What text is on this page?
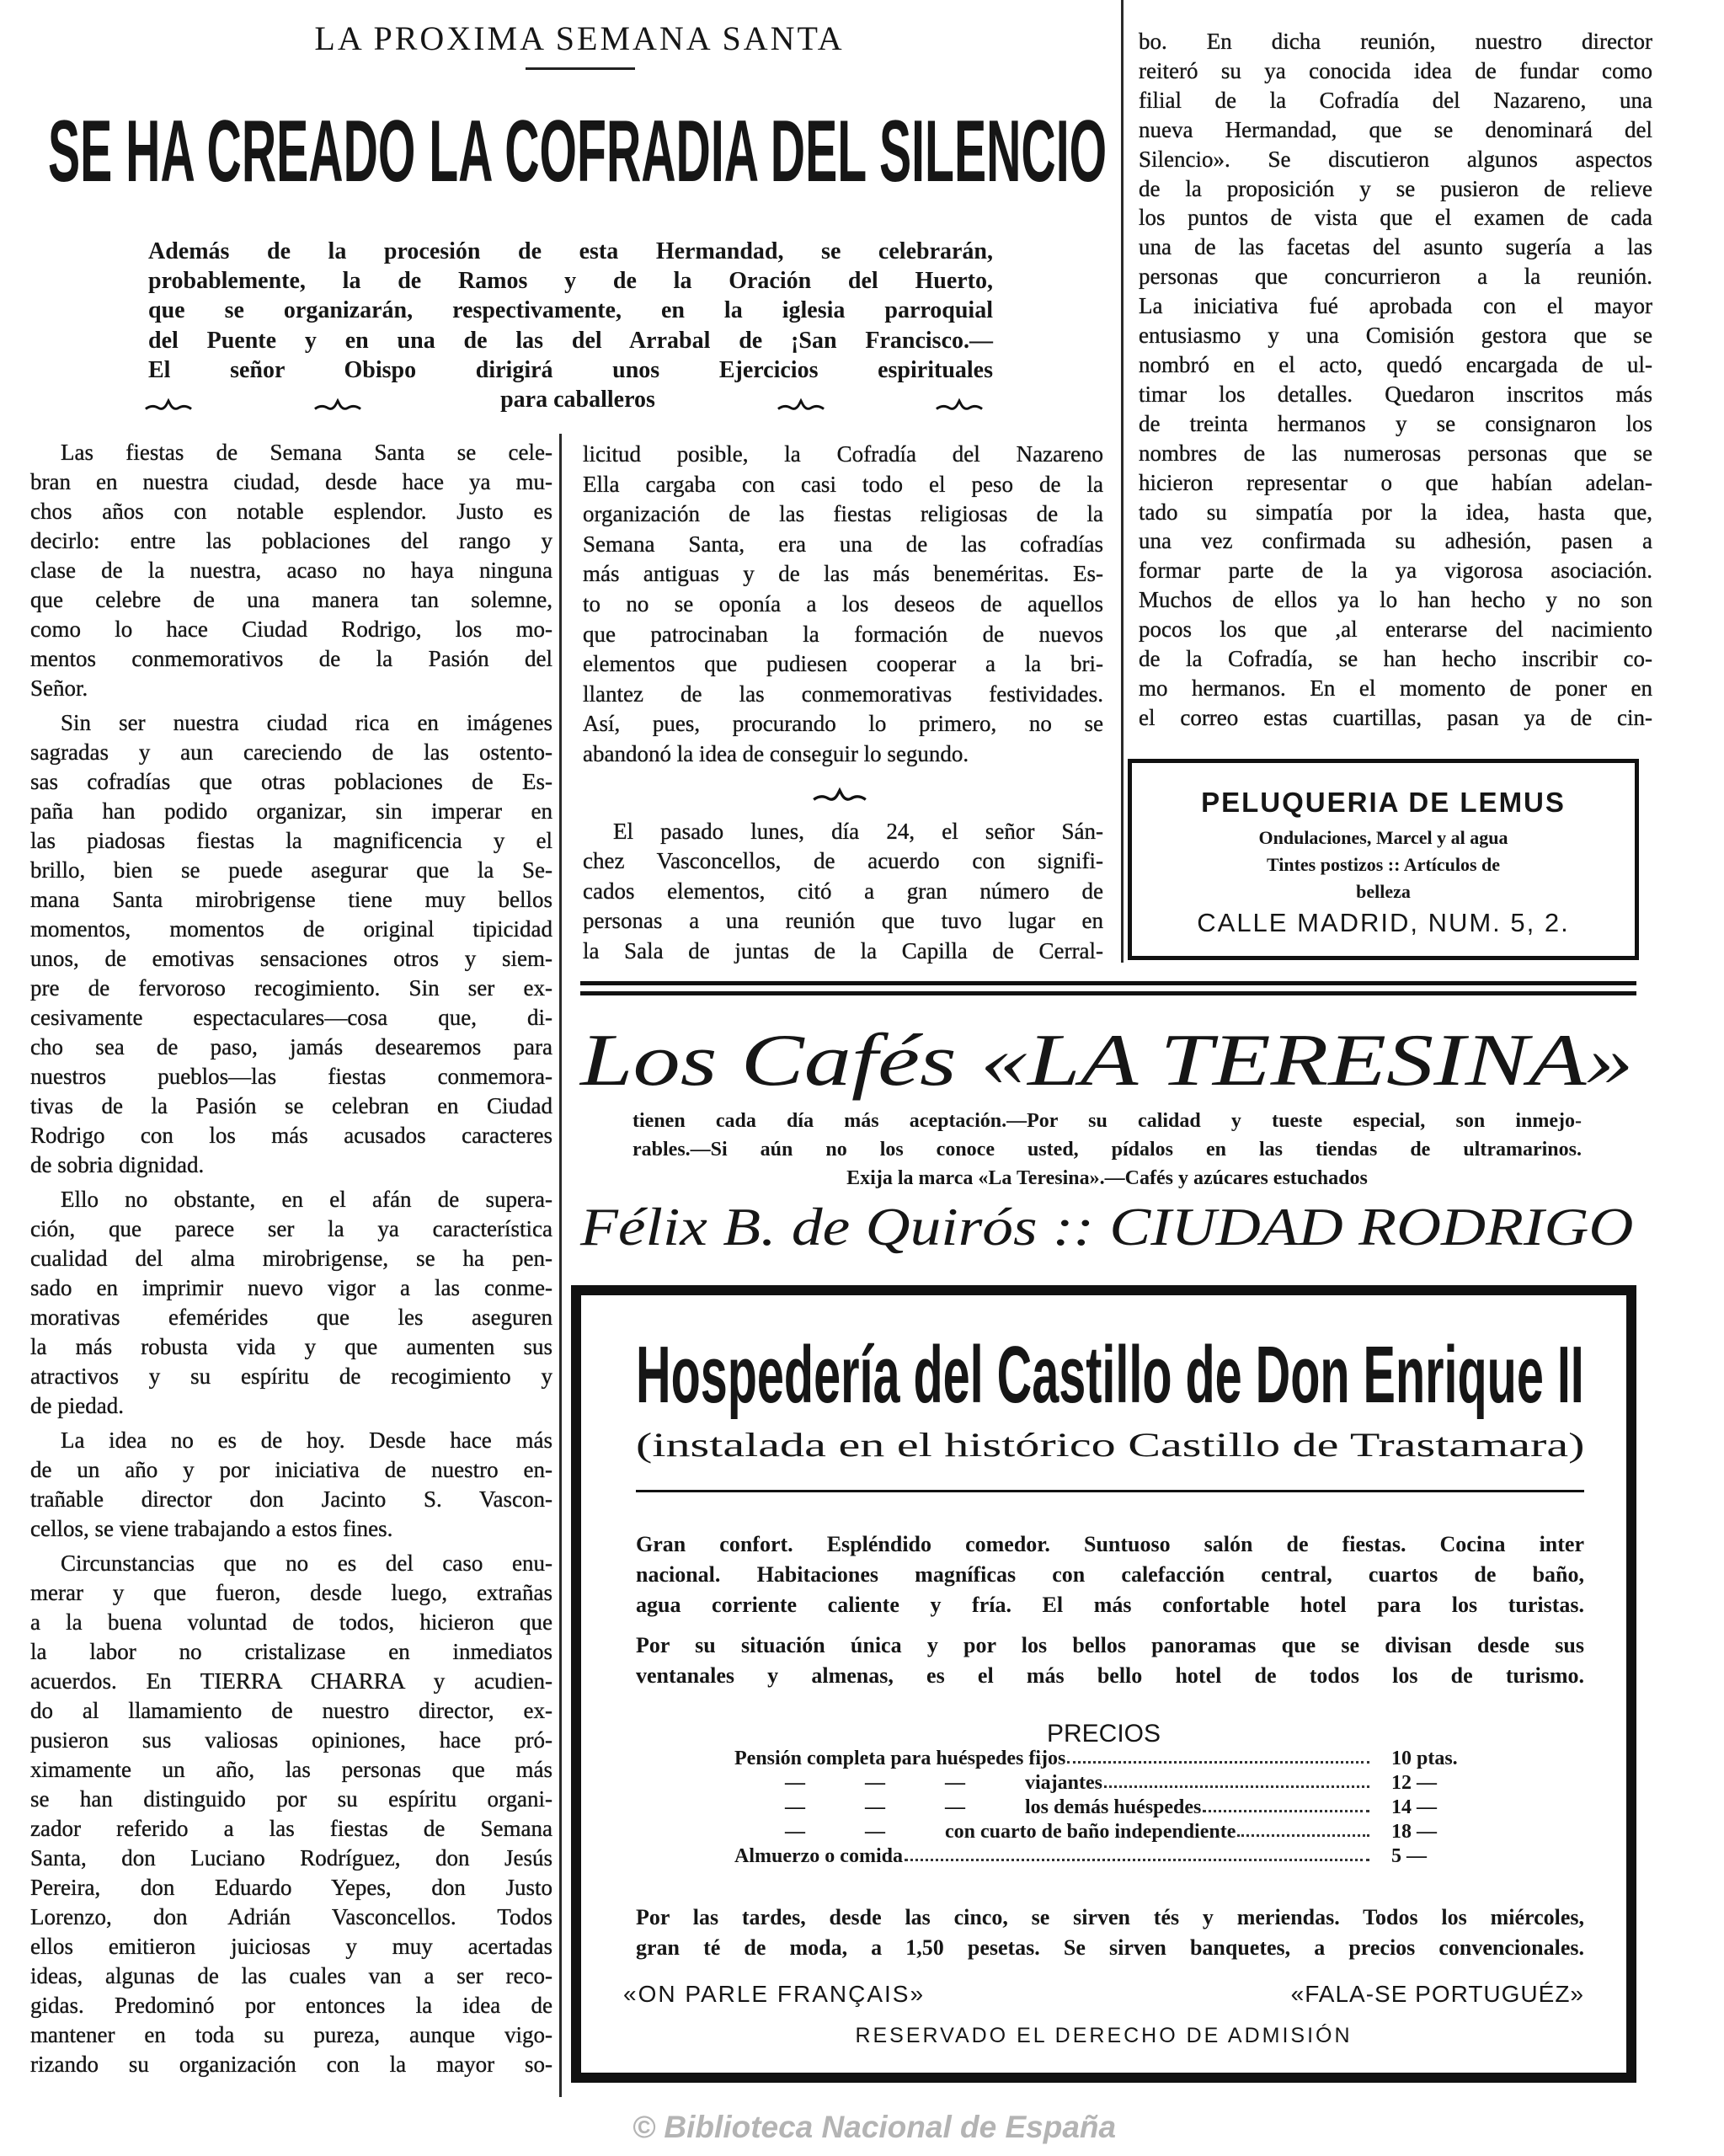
LA PROXIMA SEMANA SANTA
SE HA CREADO LA COFRADIA DEL SILENCIO
Además de la procesión de esta Hermandad, se celebrarán,
probablemente, la de Ramos y de la Oración del Huerto,
que se organizarán, respectivamente, en la iglesia parroquial
del Puente y en una de las del Arrabal de ¡San Francisco.—
El señor Obispo dirigirá unos Ejercicios espirituales
para caballeros
Las fiestas de Semana Santa se cele-
bran en nuestra ciudad, desde hace ya mu-
chos años con notable esplendor. Justo es
decirlo: entre las poblaciones del rango y
clase de la nuestra, acaso no haya ninguna
que celebre de una manera tan solemne,
como lo hace Ciudad Rodrigo, los mo-
mentos conmemorativos de la Pasión del
Señor.
Sin ser nuestra ciudad rica en imágenes
sagradas y aun careciendo de las ostento-
sas cofradías que otras poblaciones de Es-
paña han podido organizar, sin imperar en
las piadosas fiestas la magnificencia y el
brillo, bien se puede asegurar que la Se-
mana Santa mirobrigense tiene muy bellos
momentos, momentos de original tipicidad
unos, de emotivas sensaciones otros y siem-
pre de fervoroso recogimiento. Sin ser ex-
cesivamente espectaculares—cosa que, di-
cho sea de paso, jamás desearemos para
nuestros pueblos—las fiestas conmemora-
tivas de la Pasión se celebran en Ciudad
Rodrigo con los más acusados caracteres
de sobria dignidad.
Ello no obstante, en el afán de supera-
ción, que parece ser la ya característica
cualidad del alma mirobrigense, se ha pen-
sado en imprimir nuevo vigor a las conme-
morativas efemérides que les aseguren
la más robusta vida y que aumenten sus
atractivos y su espíritu de recogimiento y
de piedad.
La idea no es de hoy. Desde hace más
de un año y por iniciativa de nuestro en-
trañable director don Jacinto S. Vascon-
cellos, se viene trabajando a estos fines.
Circunstancias que no es del caso enu-
merar y que fueron, desde luego, extrañas
a la buena voluntad de todos, hicieron que
la labor no cristalizase en inmediatos
acuerdos. En TIERRA CHARRA y acudien-
do al llamamiento de nuestro director, ex-
pusieron sus valiosas opiniones, hace pró-
ximamente un año, las personas que más
se han distinguido por su espíritu organi-
zador referido a las fiestas de Semana
Santa, don Luciano Rodríguez, don Jesús
Pereira, don Eduardo Yepes, don Justo
Lorenzo, don Adrián Vasconcellos. Todos
ellos emitieron juiciosas y muy acertadas
ideas, algunas de las cuales van a ser reco-
gidas. Predominó por entonces la idea de
mantener en toda su pureza, aunque vigo-
rizando su organización con la mayor so-
licitud posible, la Cofradía del Nazareno
Ella cargaba con casi todo el peso de la
organización de las fiestas religiosas de la
Semana Santa, era una de las cofradías
más antiguas y de las más beneméritas. Es-
to no se oponía a los deseos de aquellos
que patrocinaban la formación de nuevos
elementos que pudiesen cooperar a la bri-
llantez de las conmemorativas festividades.
Así, pues, procurando lo primero, no se
abandonó la idea de conseguir lo segundo.
El pasado lunes, día 24, el señor Sán-
chez Vasconcellos, de acuerdo con signifi-
cados elementos, citó a gran número de
personas a una reunión que tuvo lugar en
la Sala de juntas de la Capilla de Cerral-
bo. En dicha reunión, nuestro director
reiteró su ya conocida idea de fundar como
filial de la Cofradía del Nazareno, una
nueva Hermandad, que se denominará del
Silencio». Se discutieron algunos aspectos
de la proposición y se pusieron de relieve
los puntos de vista que el examen de cada
una de las facetas del asunto sugería a las
personas que concurrieron a la reunión.
La iniciativa fué aprobada con el mayor
entusiasmo y una Comisión gestora que se
nombró en el acto, quedó encargada de ul-
timar los detalles. Quedaron inscritos más
de treinta hermanos y se consignaron los
nombres de las numerosas personas que se
hicieron representar o que habían adelan-
tado su simpatía por la idea, hasta que,
una vez confirmada su adhesión, pasen a
formar parte de la ya vigorosa asociación.
Muchos de ellos ya lo han hecho y no son
pocos los que ,al enterarse del nacimiento
de la Cofradía, se han hecho inscribir co-
mo hermanos. En el momento de poner en
el correo estas cuartillas, pasan ya de cin-
PELUQUERIA DE LEMUS
Ondulaciones, Marcel y al agua
Tintes postizos :: Artículos de
belleza
CALLE MADRID, NUM. 5, 2.
Los Cafés «LA TERESINA»
tienen cada día más aceptación.—Por su calidad y tueste especial, son inmejo-
rables.—Si aún no los conoce usted, pídalos en las tiendas de ultramarinos.
Exija la marca «La Teresina».—Cafés y azúcares estuchados
Félix B. de Quirós :: CIUDAD RODRIGO
Hospedería del Castillo de Don Enrique II
(instalada en el histórico Castillo de Trastamara)
Gran confort. Espléndido comedor. Suntuoso salón de fiestas. Cocina inter
nacional. Habitaciones magníficas con calefacción central, cuartos de baño,
agua corriente caliente y fría. El más confortable hotel para los turistas.
Por su situación única y por los bellos panoramas que se divisan desde sus
ventanales y almenas, es el más bello hotel de todos los de turismo.
PRECIOS
Pensión completa para huéspedes fijos	10 ptas.
—	—	—	viajantes	12 —
—	—	—	los demás huéspedes	14 —
—	—	con cuarto de baño independiente	18 —
Almuerzo o comida	5 —
Por las tardes, desde las cinco, se sirven tés y meriendas. Todos los miércoles,
gran té de moda, a 1,50 pesetas. Se sirven banquetes, a precios convencionales.
«ON PARLE FRANÇAIS»	«FALA-SE PORTUGUÉZ»
RESERVADO EL DERECHO DE ADMISIÓN
© Biblioteca Nacional de España
